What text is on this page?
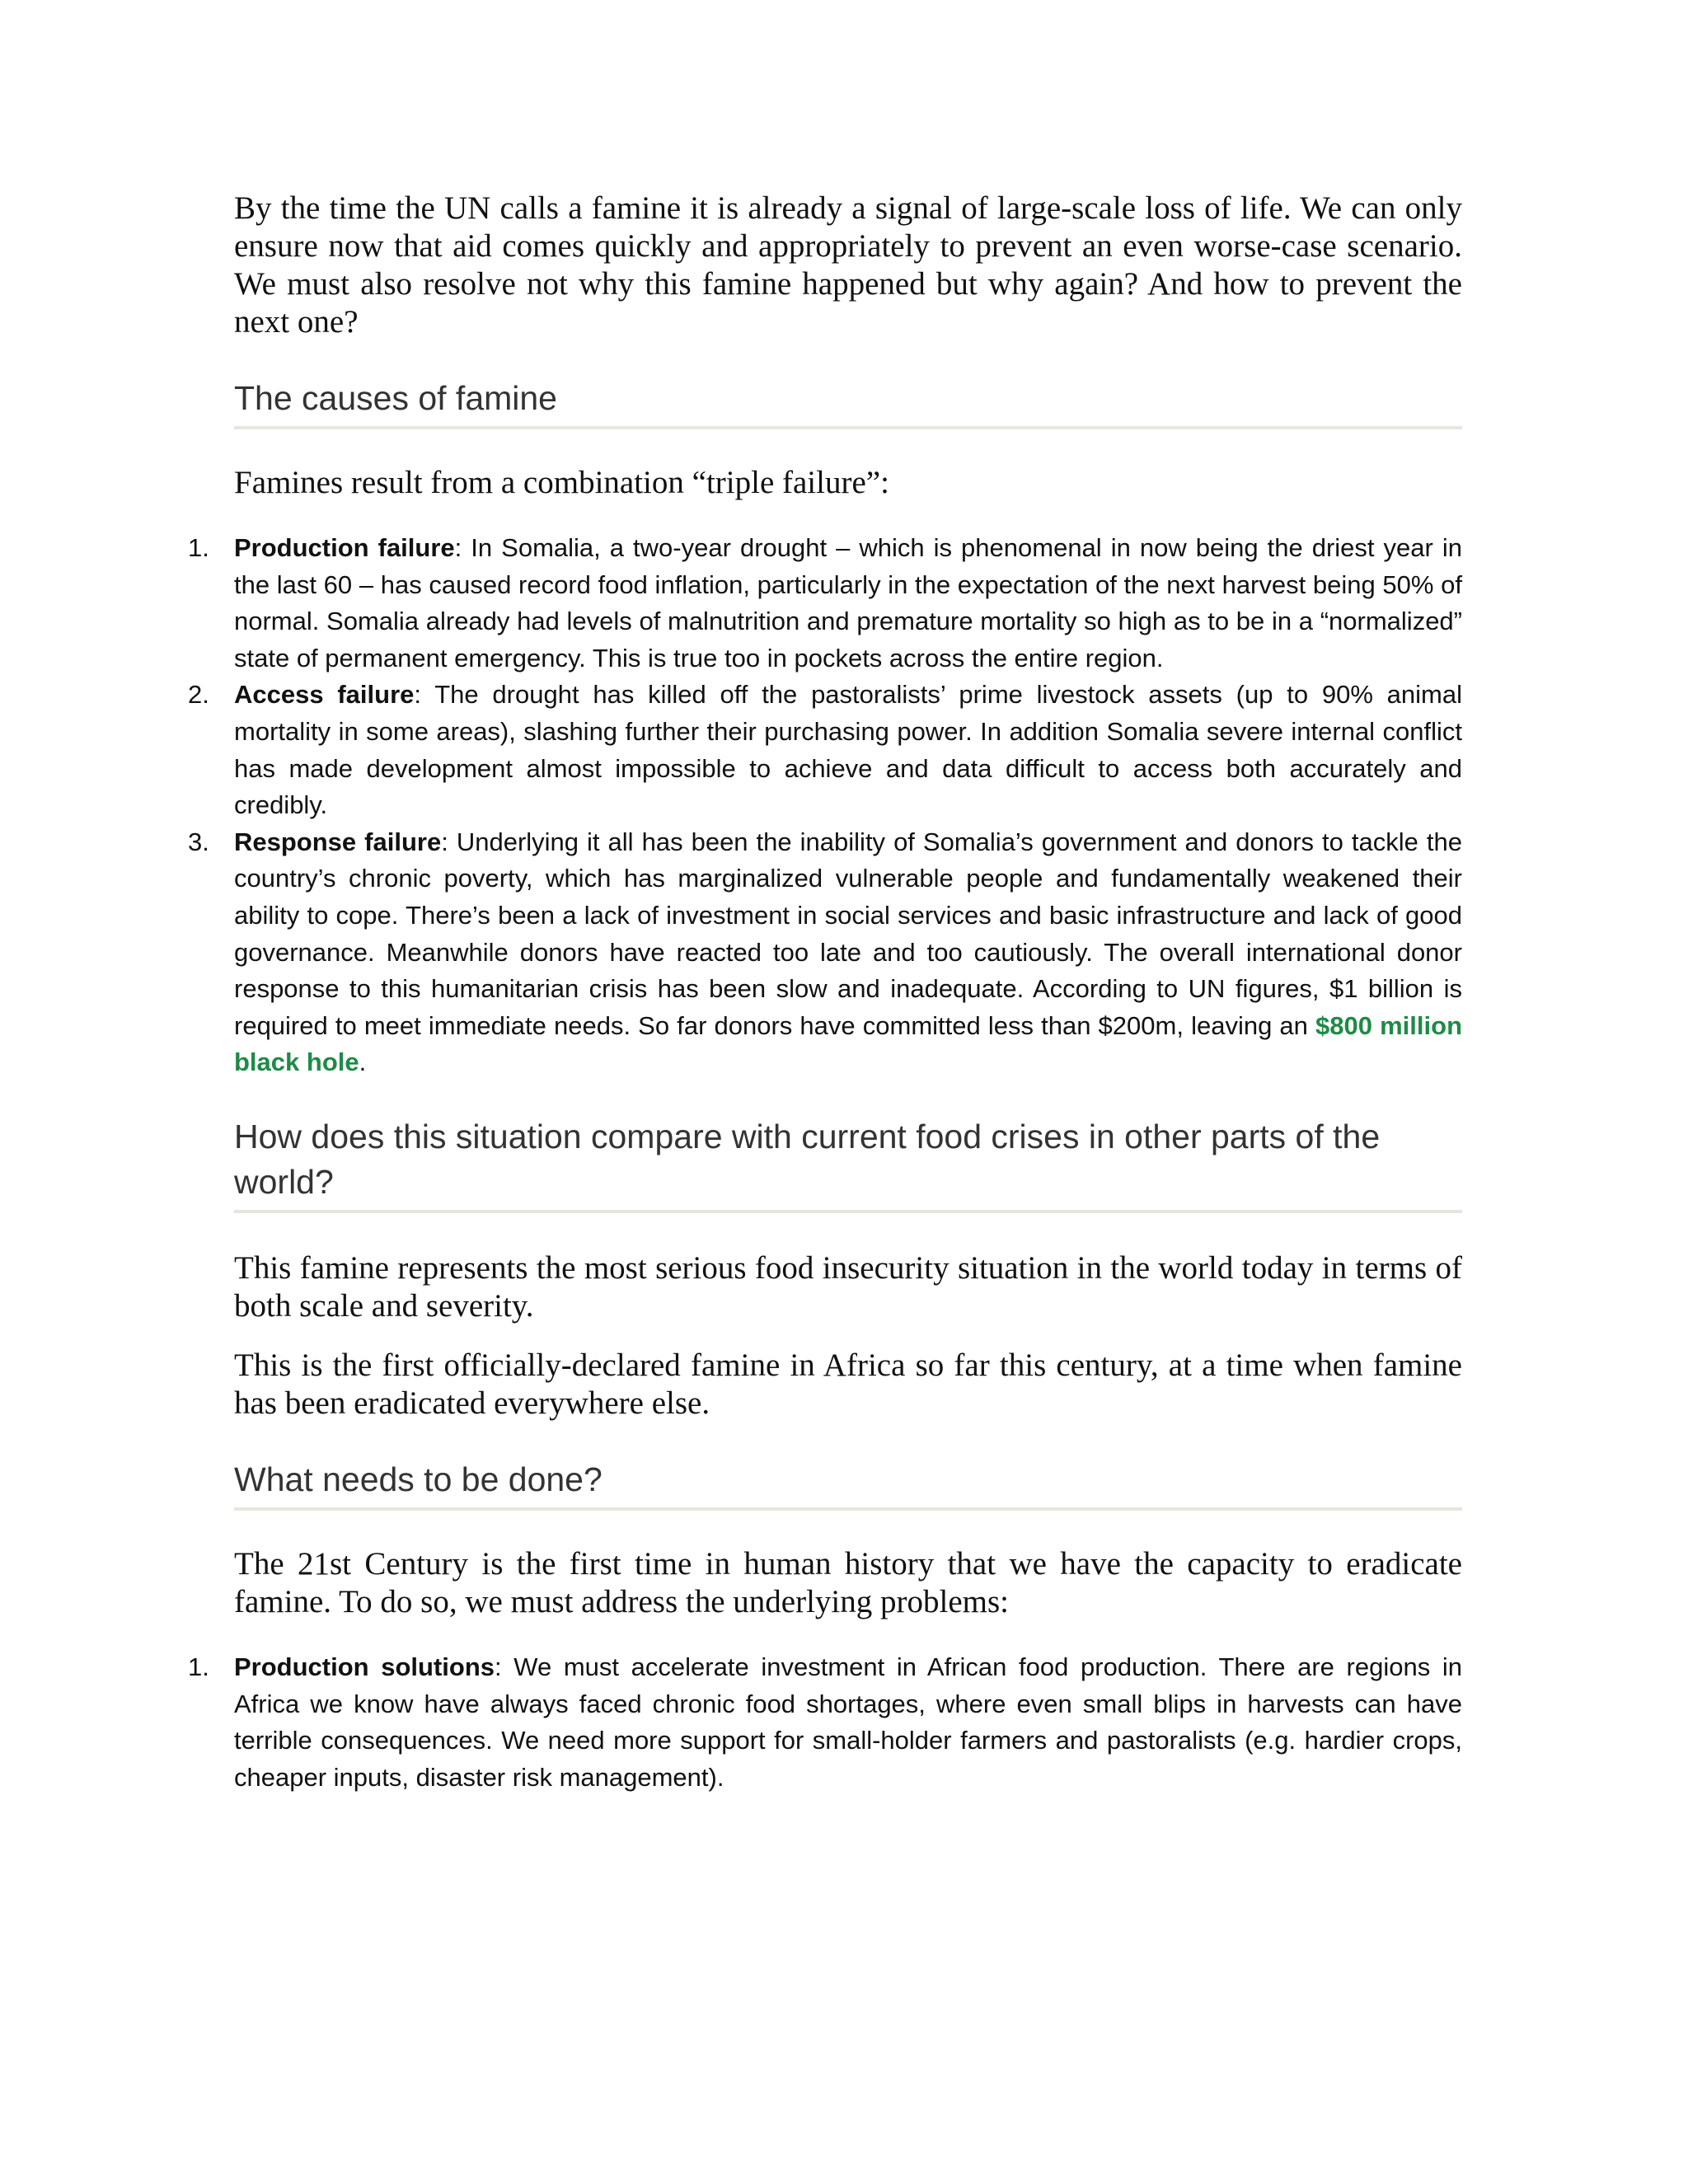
By the time the UN calls a famine it is already a signal of large-scale loss of life. We can only ensure now that aid comes quickly and appropriately to prevent an even worse-case scenario. We must also resolve not why this famine happened but why again? And how to prevent the next one?

The causes of famine

Famines result from a combination “triple failure”:

1. Production failure: In Somalia, a two-year drought – which is phenomenal in now being the driest year in the last 60 – has caused record food inflation, particularly in the expectation of the next harvest being 50% of normal. Somalia already had levels of malnutrition and premature mortality so high as to be in a “normalized” state of permanent emergency. This is true too in pockets across the entire region.
2. Access failure: The drought has killed off the pastoralists’ prime livestock assets (up to 90% animal mortality in some areas), slashing further their purchasing power. In addition Somalia severe internal conflict has made development almost impossible to achieve and data difficult to access both accurately and credibly.
3. Response failure: Underlying it all has been the inability of Somalia’s government and donors to tackle the country’s chronic poverty, which has marginalized vulnerable people and fundamentally weakened their ability to cope. There’s been a lack of investment in social services and basic infrastructure and lack of good governance. Meanwhile donors have reacted too late and too cautiously. The overall international donor response to this humanitarian crisis has been slow and inadequate. According to UN figures, $1 billion is required to meet immediate needs. So far donors have committed less than $200m, leaving an $800 million black hole.
How does this situation compare with current food crises in other parts of the world?

This famine represents the most serious food insecurity situation in the world today in terms of both scale and severity.

This is the first officially-declared famine in Africa so far this century, at a time when famine has been eradicated everywhere else.

What needs to be done?

The 21st Century is the first time in human history that we have the capacity to eradicate famine. To do so, we must address the underlying problems:

1. Production solutions: We must accelerate investment in African food production. There are regions in Africa we know have always faced chronic food shortages, where even small blips in harvests can have terrible consequences. We need more support for small-holder farmers and pastoralists (e.g. hardier crops, cheaper inputs, disaster risk management).
